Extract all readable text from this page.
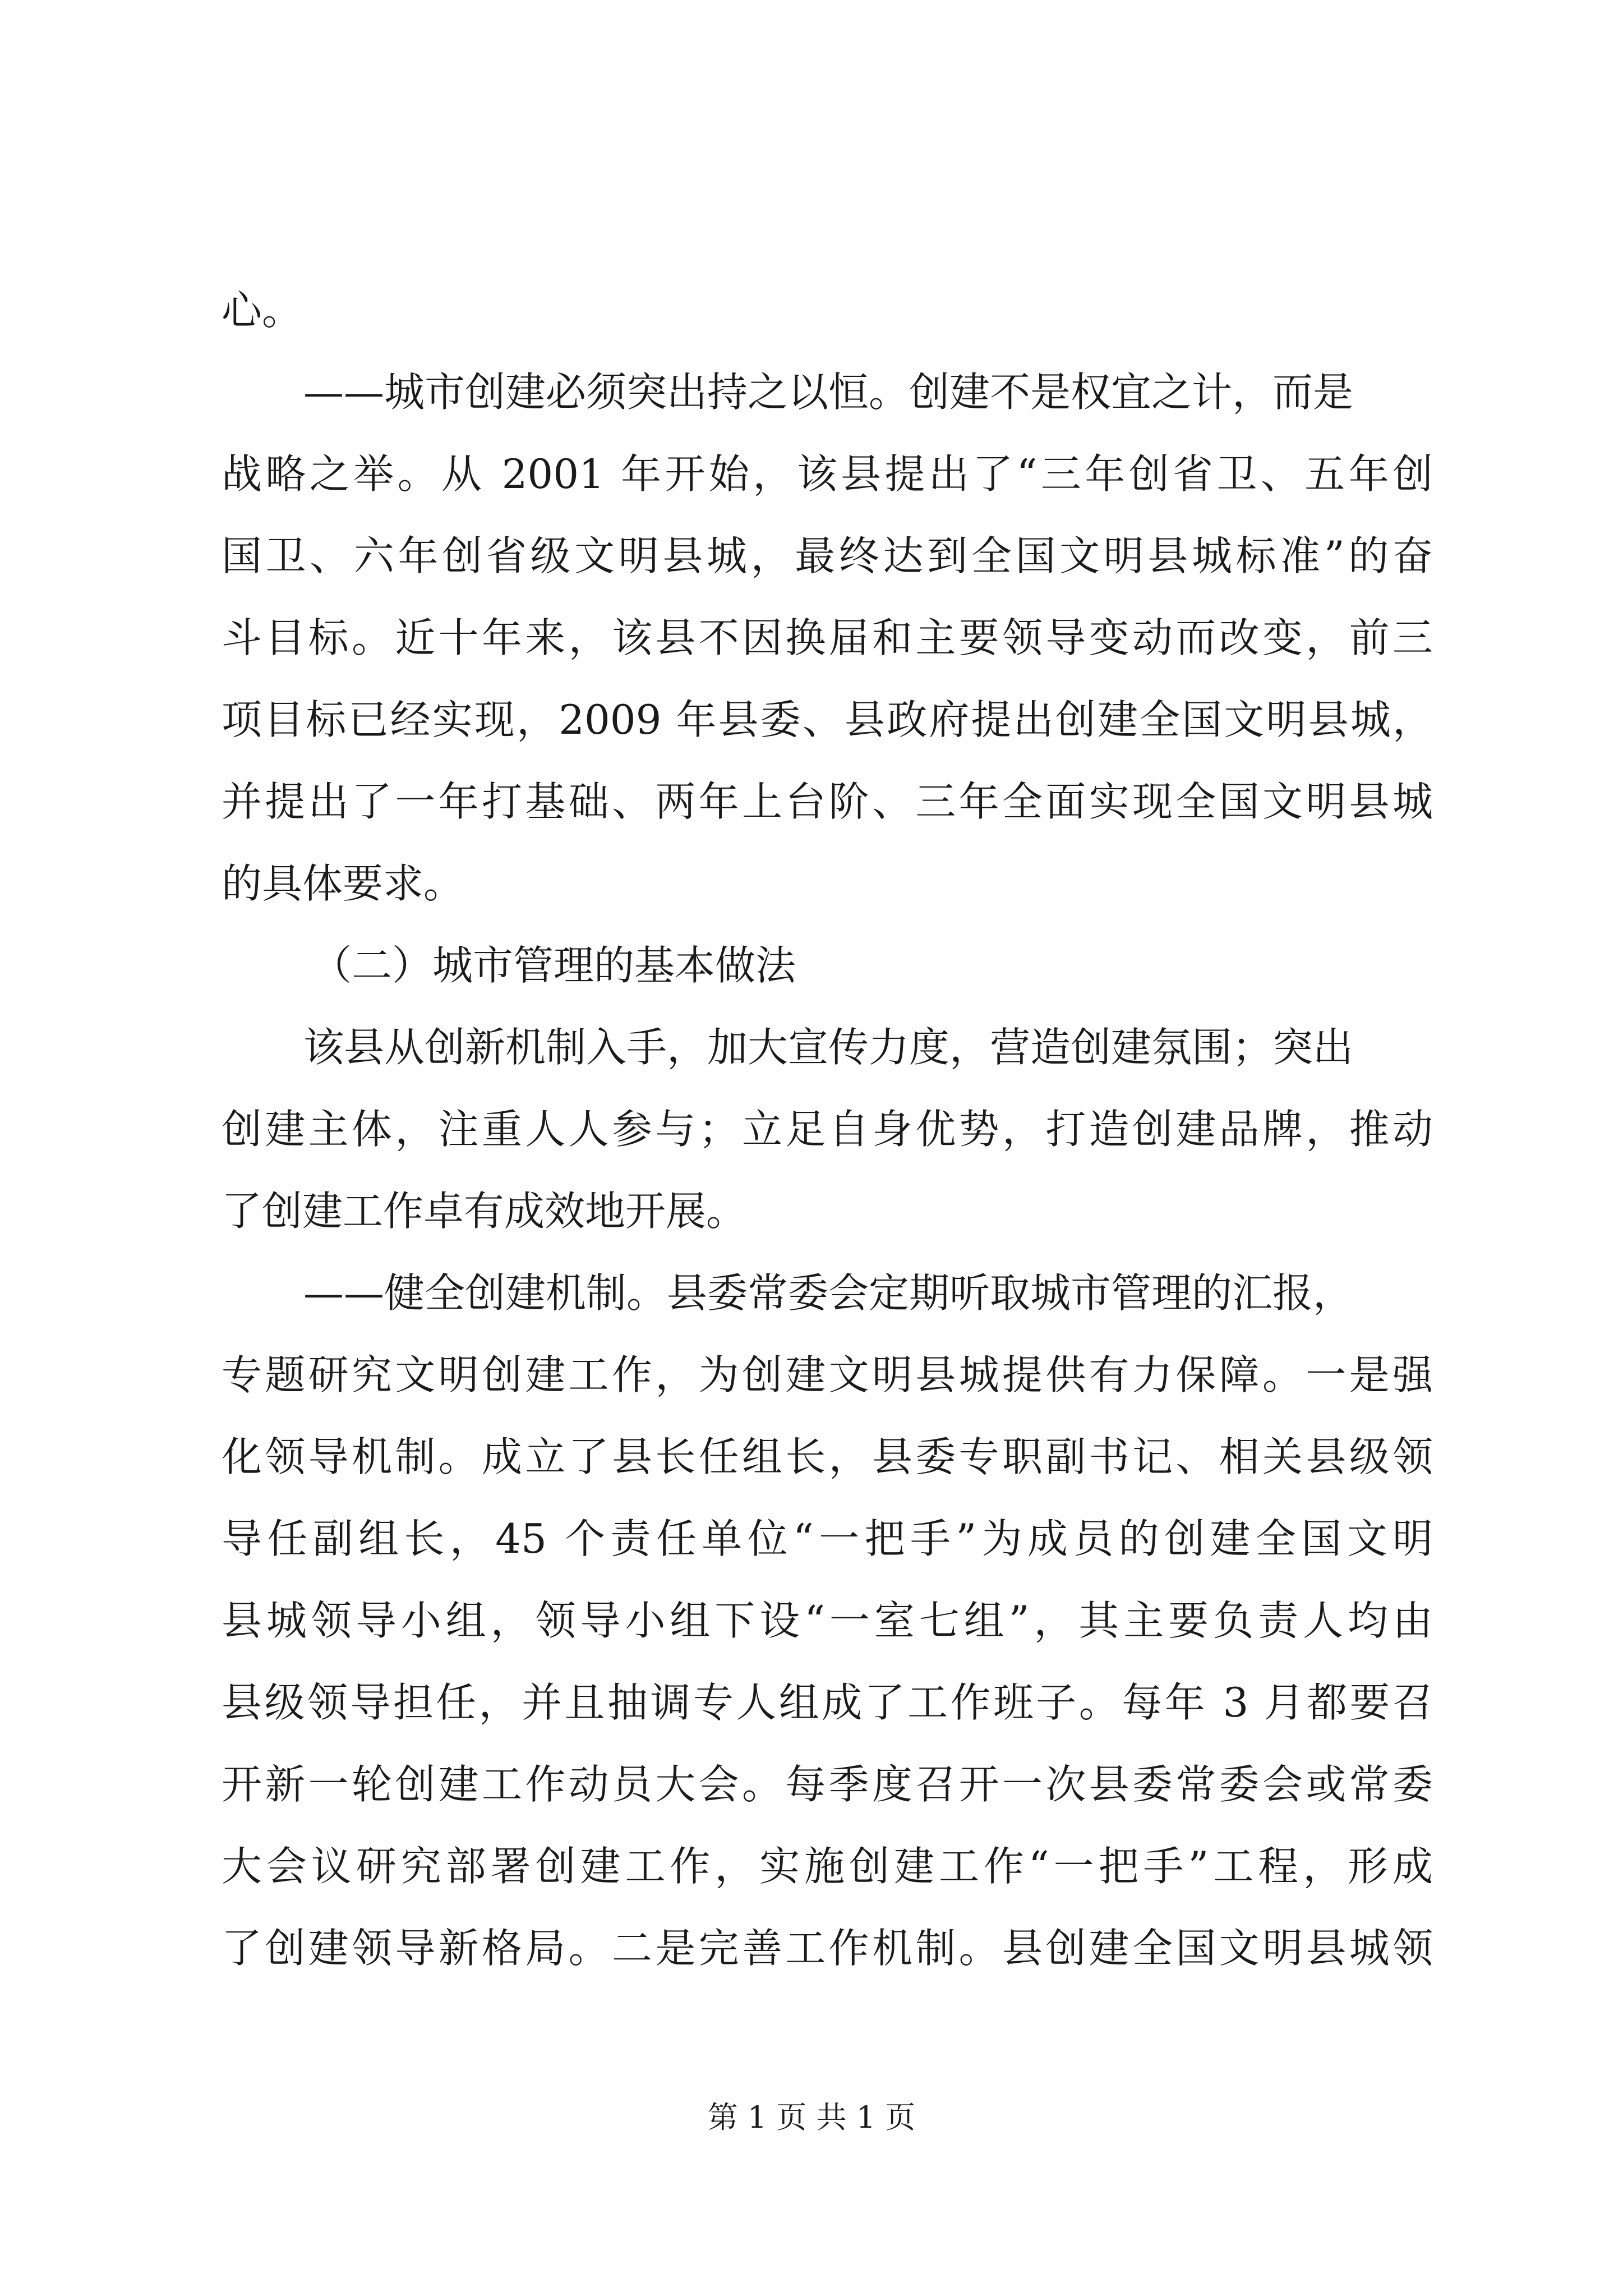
心。
——城市创建必须突出持之以恒。创建不是权宜之计，而是
战略之举。从 2001 年开始，该县提出了“三年创省卫、五年创
国卫、六年创省级文明县城，最终达到全国文明县城标准”的奋
斗目标。近十年来，该县不因换届和主要领导变动而改变，前三
项目标已经实现，2009 年县委、县政府提出创建全国文明县城，
并提出了一年打基础、两年上台阶、三年全面实现全国文明县城
的具体要求。
（二）城市管理的基本做法
该县从创新机制入手，加大宣传力度，营造创建氛围；突出
创建主体，注重人人参与；立足自身优势，打造创建品牌，推动
了创建工作卓有成效地开展。
——健全创建机制。县委常委会定期听取城市管理的汇报，
专题研究文明创建工作，为创建文明县城提供有力保障。一是强
化领导机制。成立了县长任组长，县委专职副书记、相关县级领
导任副组长，45 个责任单位“一把手”为成员的创建全国文明
县城领导小组，领导小组下设“一室七组”，其主要负责人均由
县级领导担任，并且抽调专人组成了工作班子。每年 3 月都要召
开新一轮创建工作动员大会。每季度召开一次县委常委会或常委
大会议研究部署创建工作，实施创建工作“一把手”工程，形成
了创建领导新格局。二是完善工作机制。县创建全国文明县城领
第 1 页 共 1 页
